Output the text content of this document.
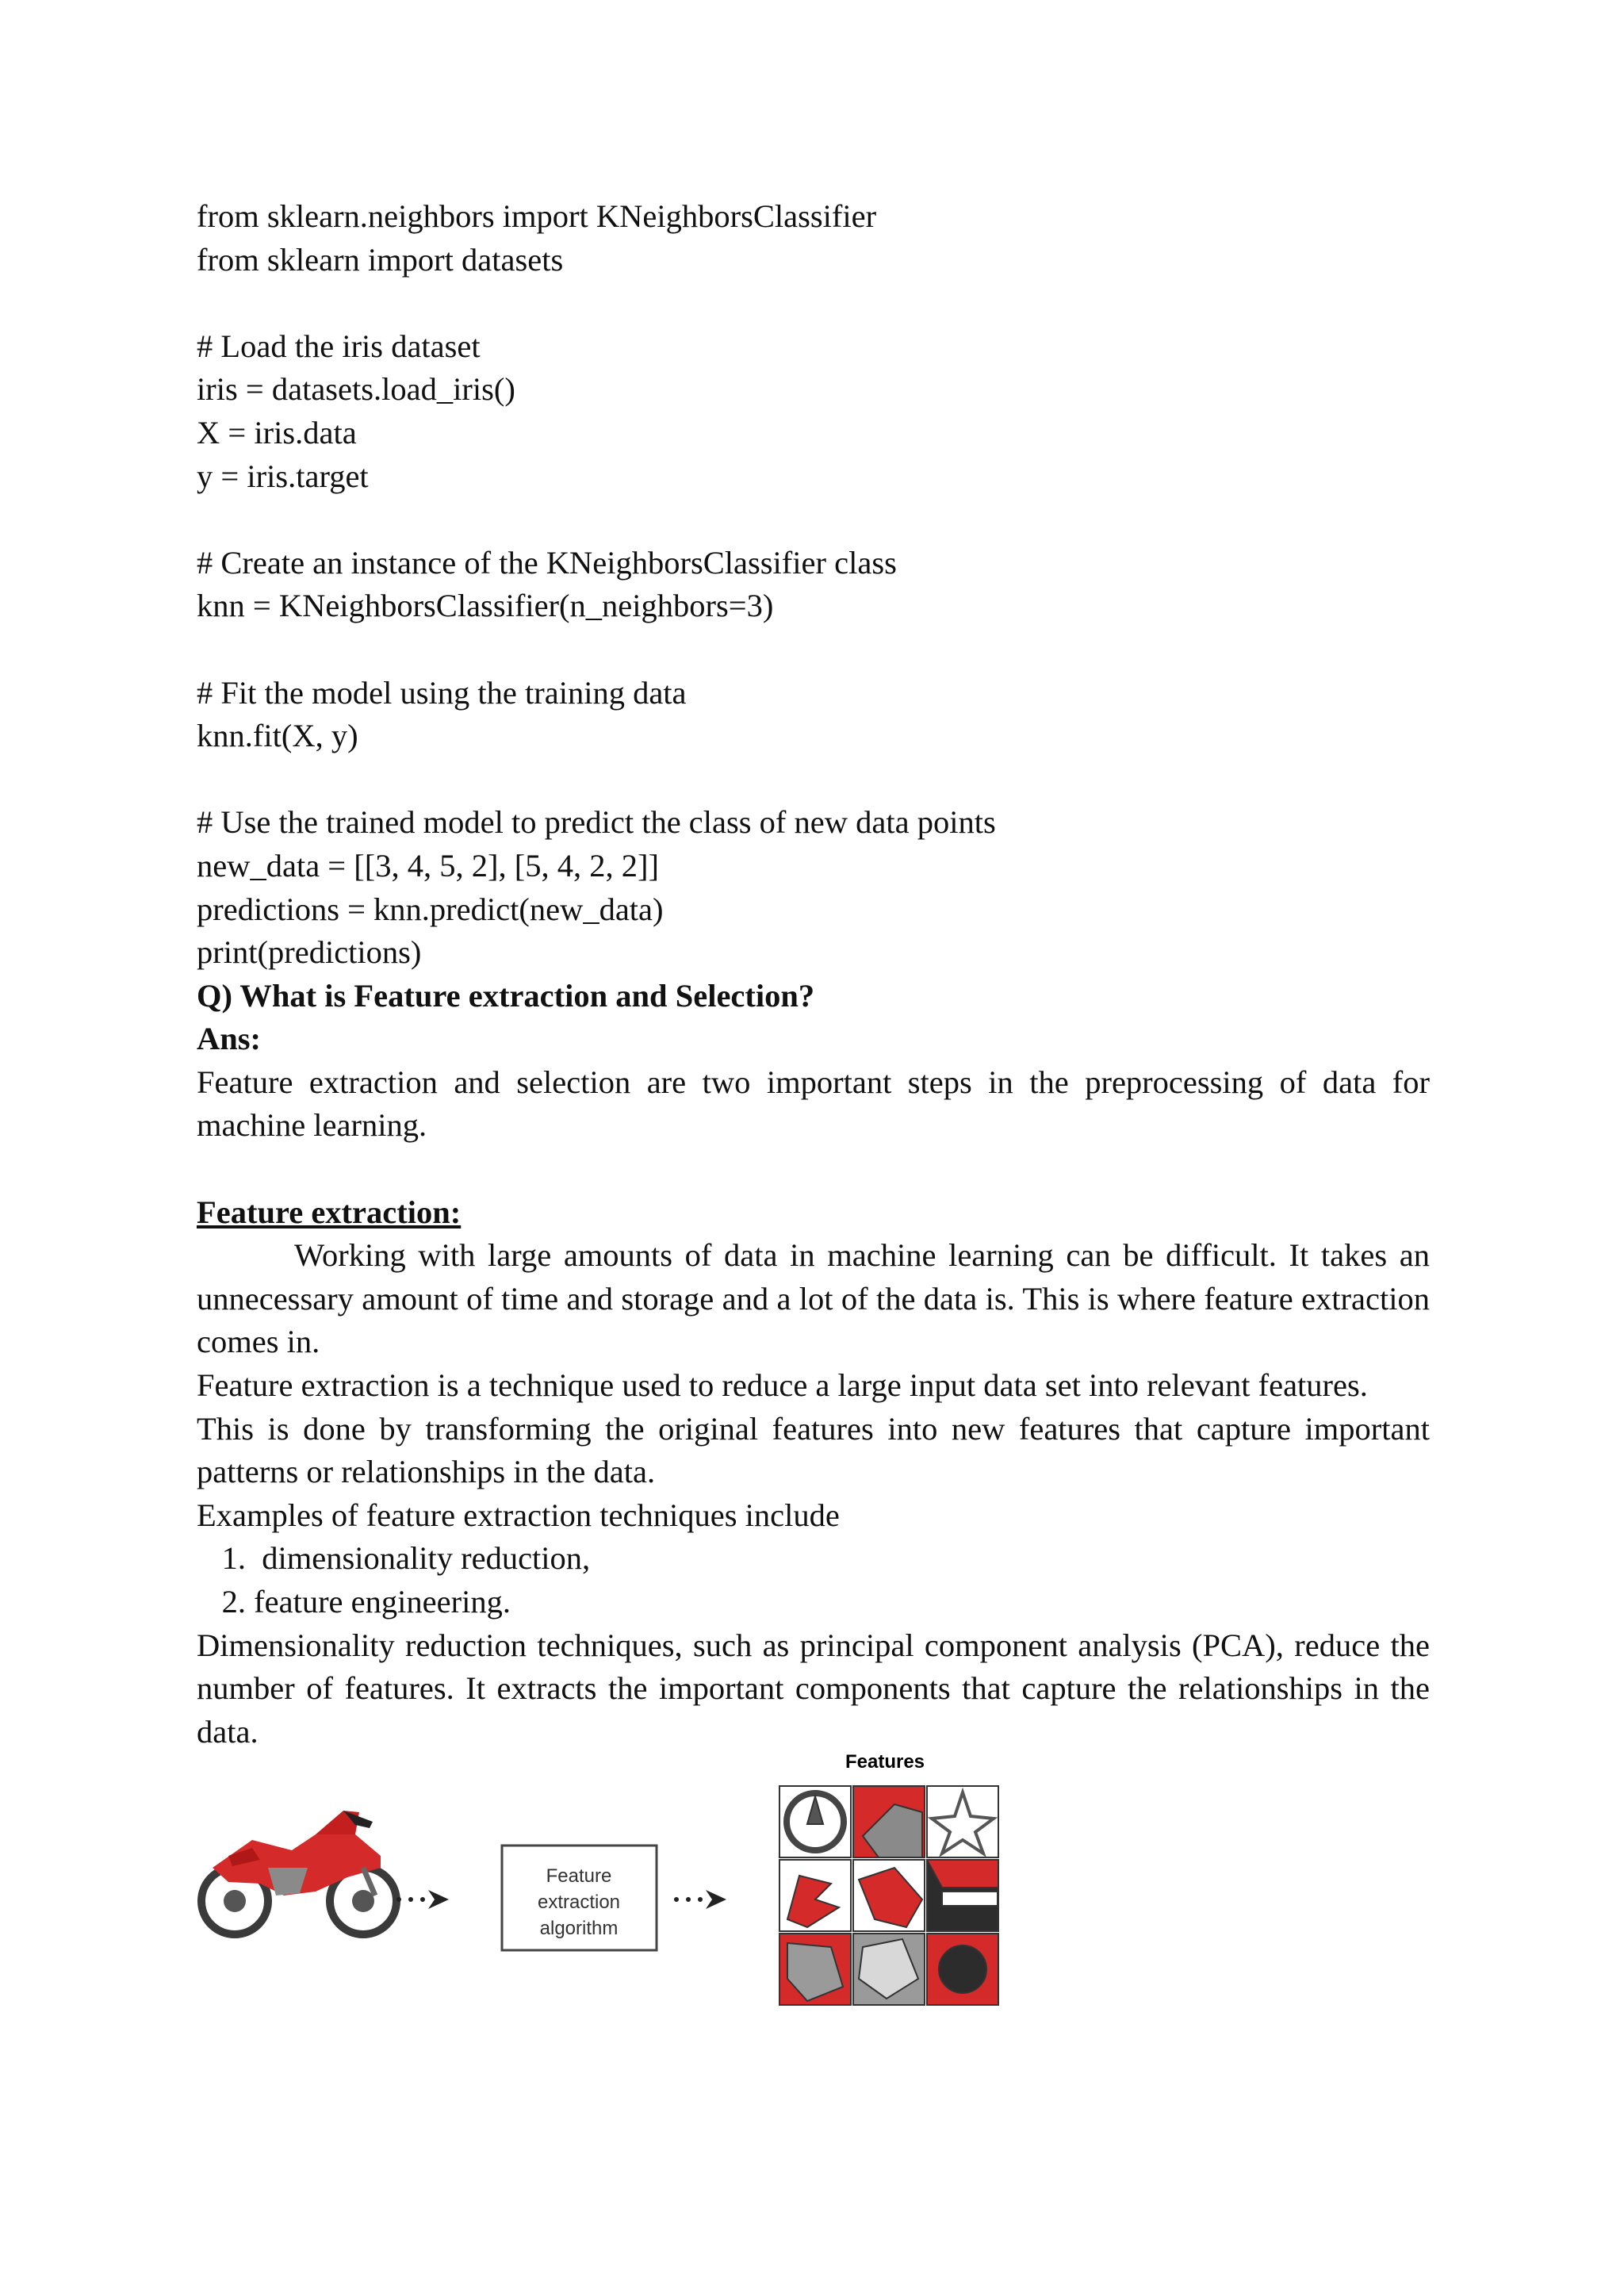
from sklearn.neighbors import KNeighborsClassifier
from sklearn import datasets
# Load the iris dataset
iris = datasets.load_iris()
X = iris.data
y = iris.target
# Create an instance of the KNeighborsClassifier class
knn = KNeighborsClassifier(n_neighbors=3)
# Fit the model using the training data
knn.fit(X, y)
# Use the trained model to predict the class of new data points
new_data = [[3, 4, 5, 2], [5, 4, 2, 2]]
predictions = knn.predict(new_data)
print(predictions)
Q) What is Feature extraction and Selection?
Ans:
Feature extraction and selection are two important steps in the preprocessing of data for machine learning.
Feature extraction:
Working with large amounts of data in machine learning can be difficult. It takes an unnecessary amount of time and storage and a lot of the data is. This is where feature extraction comes in.
Feature extraction is a technique used to reduce a large input data set into relevant features.
This is done by transforming the original features into new features that capture important patterns or relationships in the data.
Examples of feature extraction techniques include
1. dimensionality reduction,
2. feature engineering.
Dimensionality reduction techniques, such as principal component analysis (PCA), reduce the number of features. It extracts the important components that capture the relationships in the data.
Feature
extraction
algorithm
Features
